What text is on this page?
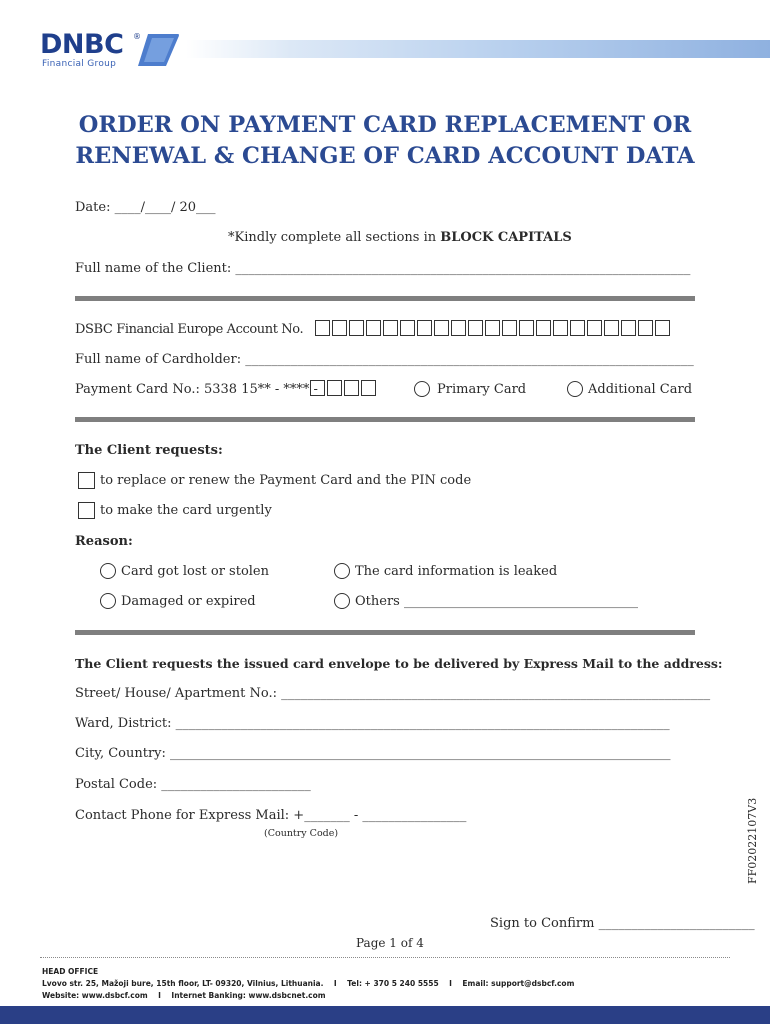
DNBC ®
Financial Group
ORDER ON PAYMENT CARD REPLACEMENT OR
RENEWAL & CHANGE OF CARD ACCOUNT DATA
Date: ____/____/ 20___
*Kindly complete all sections in BLOCK CAPITALS
Full name of the Client: ______________________________________________________________________
DSBC Financial Europe Account No.
Full name of Cardholder: _____________________________________________________________________
Payment Card No.: 5338 15** - **** -	Primary Card	Additional Card
The Client requests:
to replace or renew the Payment Card and the PIN code
to make the card urgently
Reason:
Card got lost or stolen	The card information is leaked
Damaged or expired	Others ____________________________________
The Client requests the issued card envelope to be delivered by Express Mail to the address:
Street/ House/ Apartment No.: __________________________________________________________________
Ward, District: ____________________________________________________________________________
City, Country: _____________________________________________________________________________
Postal Code: _______________________
Contact Phone for Express Mail: +_______ - ________________
(Country Code)	FF02022107V3
Sign to Confirm ________________________
Page 1 of 4
HEAD OFFICE
Lvovo str. 25, Mažoji bure, 15th floor, LT- 09320, Vilnius, Lithuania. I Tel: + 370 5 240 5555 I Email: support@dsbcf.com
Website: www.dsbcf.com I Internet Banking: www.dsbcnet.com
